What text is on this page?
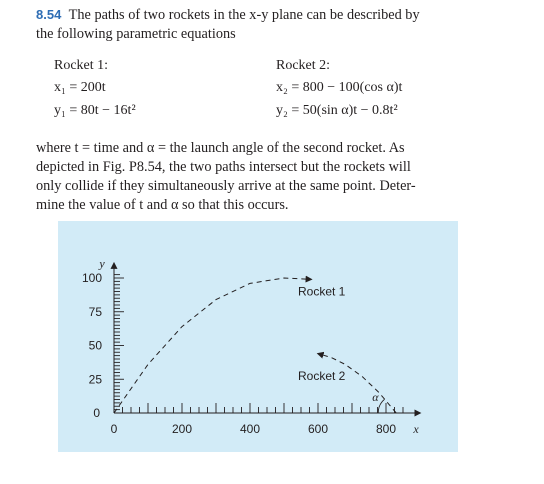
8.54 The paths of two rockets in the x-y plane can be described by
the following parametric equations
Rocket 1:
x₁ = 200t
y₁ = 80t − 16t²
Rocket 2:
x₂ = 800 − 100(cos α)t
y₂ = 50(sin α)t − 0.8t²
where t = time and α = the launch angle of the second rocket. As
depicted in Fig. P8.54, the two paths intersect but the rockets will
only collide if they simultaneously arrive at the same point. Deter-
mine the value of t and α so that this occurs.
0	200	400	600	800
25
50
75
100
0
x
y
Rocket 1
Rocket 2
α
